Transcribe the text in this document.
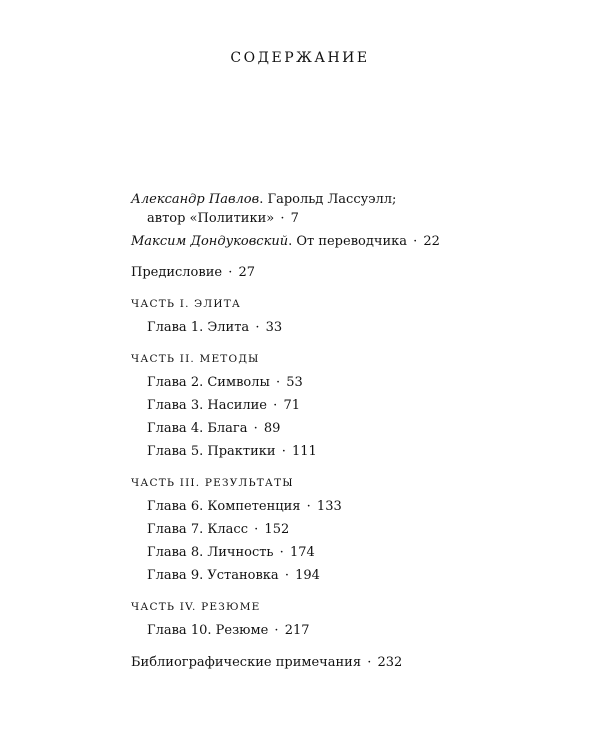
СОДЕРЖАНИЕ
Александр Павлов. Гарольд Лассуэлл;
автор «Политики» · 7
Максим Дондуковский. От переводчика · 22
Предисловие · 27
ЧАСТЬ I. ЭЛИТА
Глава 1. Элита · 33
ЧАСТЬ II. МЕТОДЫ
Глава 2. Символы · 53
Глава 3. Насилие · 71
Глава 4. Блага · 89
Глава 5. Практики · 111
ЧАСТЬ III. РЕЗУЛЬТАТЫ
Глава 6. Компетенция · 133
Глава 7. Класс · 152
Глава 8. Личность · 174
Глава 9. Установка · 194
ЧАСТЬ IV. РЕЗЮМЕ
Глава 10. Резюме · 217
Библиографические примечания · 232
